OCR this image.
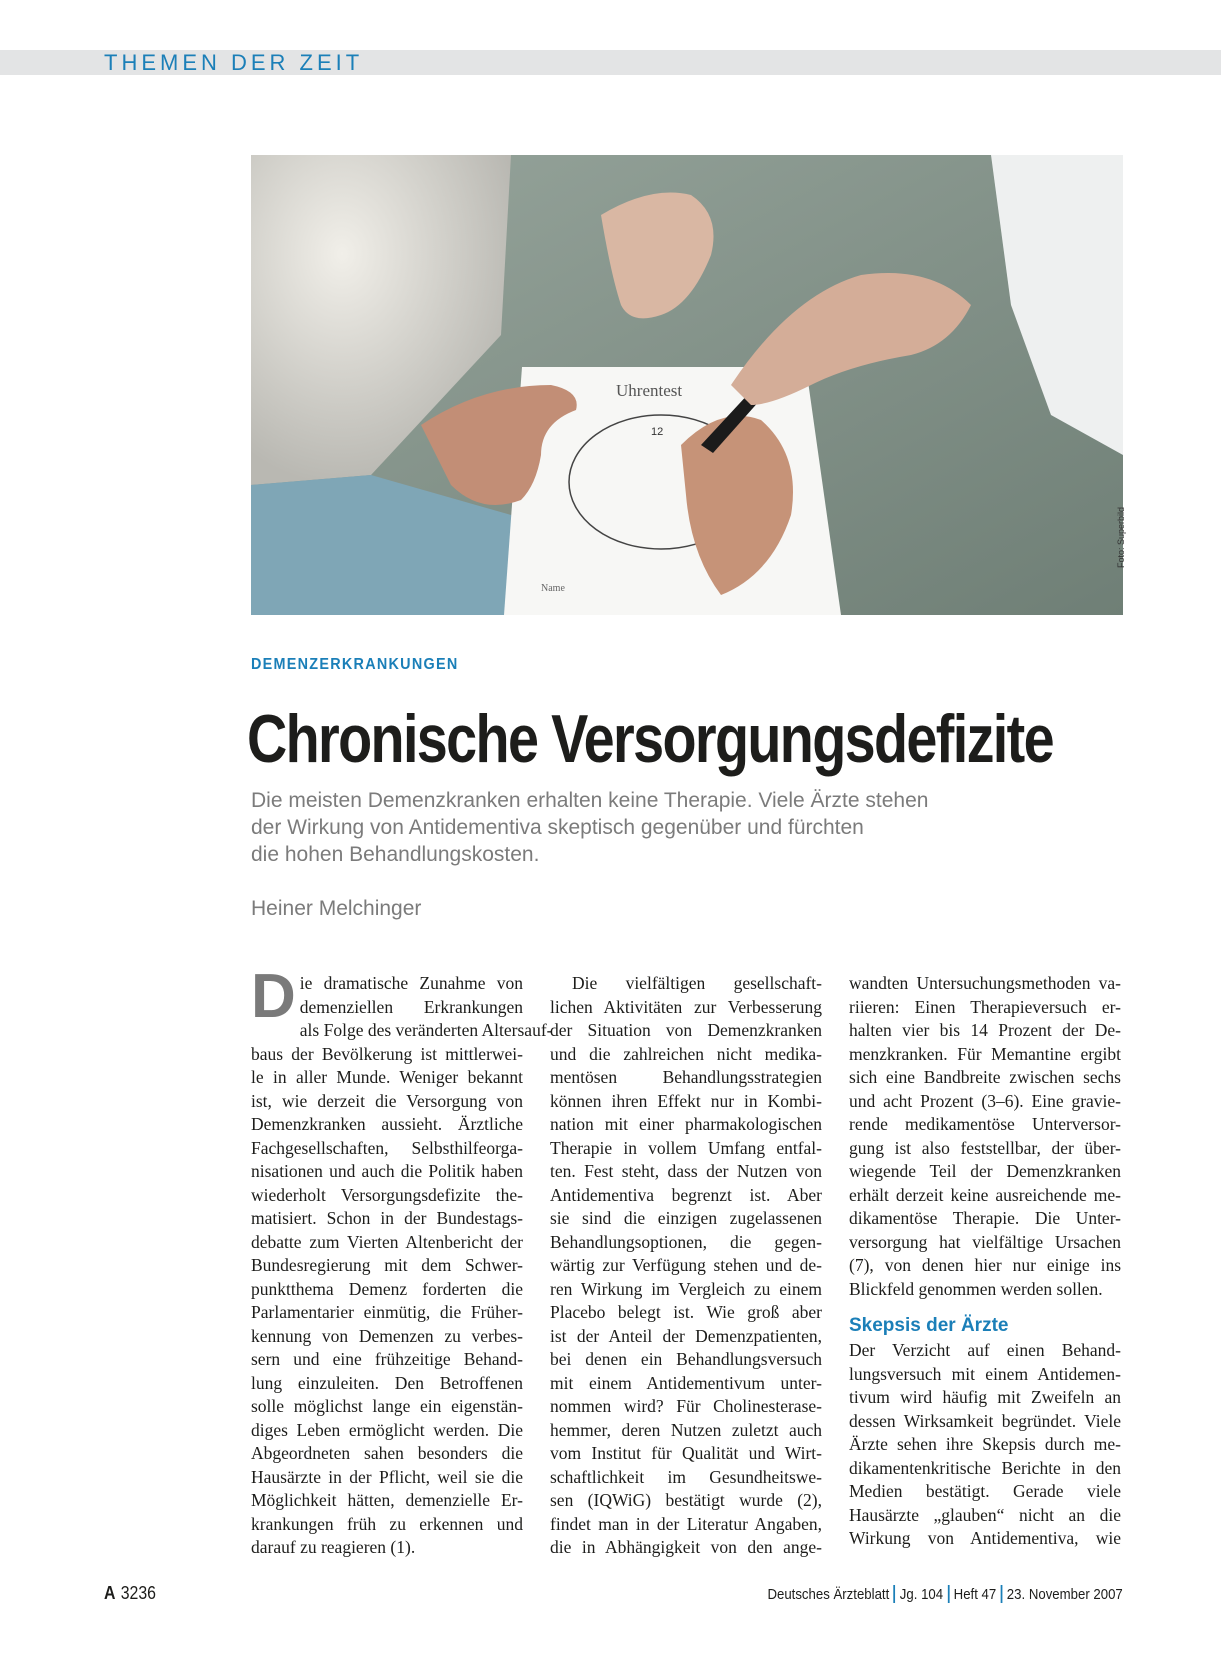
THEMEN DER ZEIT
Uhrentest
12
Name
Foto: Superbild
DEMENZERKRANKUNGEN
Chronische Versorgungsdefizite

Die meisten Demenzkranken erhalten keine Therapie. Viele Ärzte stehen
der Wirkung von Antidementiva skeptisch gegenüber und fürchten
die hohen Behandlungskosten.

Heiner Melchinger
D ie dramatische Zunahme von
demenziellen Erkrankungen
als Folge des veränderten Altersauf-
baus der Bevölkerung ist mittlerwei-
le in aller Munde. Weniger bekannt
ist, wie derzeit die Versorgung von
Demenzkranken aussieht. Ärztliche
Fachgesellschaften, Selbsthilfeorga-
nisationen und auch die Politik haben
wiederholt Versorgungsdefizite the-
matisiert. Schon in der Bundestags-
debatte zum Vierten Altenbericht der
Bundesregierung mit dem Schwer-
punktthema Demenz forderten die
Parlamentarier einmütig, die Früher-
kennung von Demenzen zu verbes-
sern und eine frühzeitige Behand-
lung einzuleiten. Den Betroffenen
solle möglichst lange ein eigenstän-
diges Leben ermöglicht werden. Die
Abgeordneten sahen besonders die
Hausärzte in der Pflicht, weil sie die
Möglichkeit hätten, demenzielle Er-
krankungen früh zu erkennen und
darauf zu reagieren (1).
Die vielfältigen gesellschaft-
lichen Aktivitäten zur Verbesserung
der Situation von Demenzkranken
und die zahlreichen nicht medika-
mentösen Behandlungsstrategien
können ihren Effekt nur in Kombi-
nation mit einer pharmakologischen
Therapie in vollem Umfang entfal-
ten. Fest steht, dass der Nutzen von
Antidementiva begrenzt ist. Aber
sie sind die einzigen zugelassenen
Behandlungsoptionen, die gegen-
wärtig zur Verfügung stehen und de-
ren Wirkung im Vergleich zu einem
Placebo belegt ist. Wie groß aber
ist der Anteil der Demenzpatienten,
bei denen ein Behandlungsversuch
mit einem Antidementivum unter-
nommen wird? Für Cholinesterase-
hemmer, deren Nutzen zuletzt auch
vom Institut für Qualität und Wirt-
schaftlichkeit im Gesundheitswe-
sen (IQWiG) bestätigt wurde (2),
findet man in der Literatur Angaben,
die in Abhängigkeit von den ange-
wandten Untersuchungsmethoden va-
riieren: Einen Therapieversuch er-
halten vier bis 14 Prozent der De-
menzkranken. Für Memantine ergibt
sich eine Bandbreite zwischen sechs
und acht Prozent (3–6). Eine gravie-
rende medikamentöse Unterversor-
gung ist also feststellbar, der über-
wiegende Teil der Demenzkranken
erhält derzeit keine ausreichende me-
dikamentöse Therapie. Die Unter-
versorgung hat vielfältige Ursachen
(7), von denen hier nur einige ins
Blickfeld genommen werden sollen.
Skepsis der Ärzte
Der Verzicht auf einen Behand-
lungsversuch mit einem Antidemen-
tivum wird häufig mit Zweifeln an
dessen Wirksamkeit begründet. Viele
Ärzte sehen ihre Skepsis durch me-
dikamentenkritische Berichte in den
Medien bestätigt. Gerade viele
Hausärzte „glauben“ nicht an die
Wirkung von Antidementiva, wie
A 3236	Deutsches Ärzteblatt Jg. 104 Heft 47 23. November 2007
